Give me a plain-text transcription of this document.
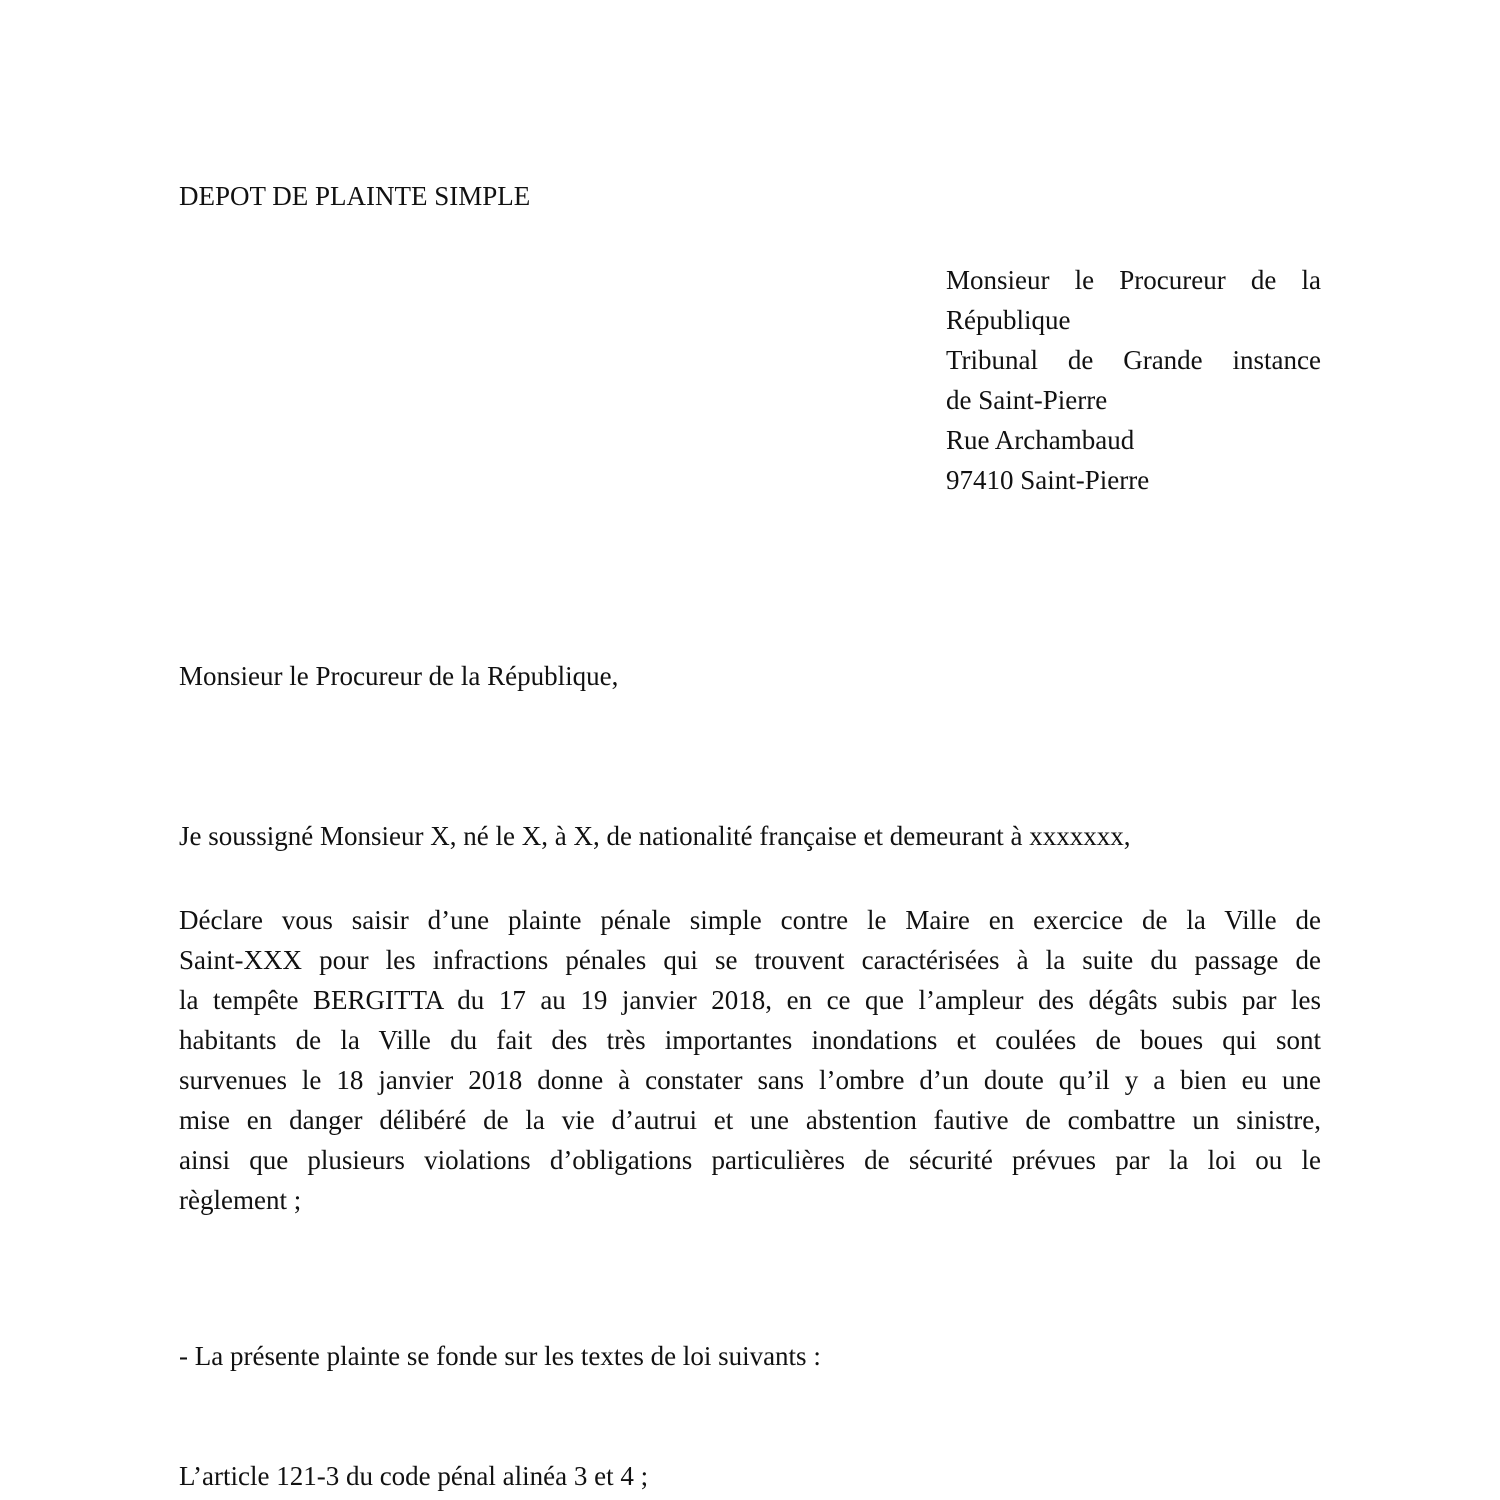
DEPOT DE PLAINTE SIMPLE
Monsieur le Procureur de la
République
Tribunal de Grande instance
de Saint-Pierre
Rue Archambaud
97410 Saint-Pierre
Monsieur le Procureur de la République,
Je soussigné Monsieur X, né le X, à X, de nationalité française et demeurant à xxxxxxx,
Déclare vous saisir d’une plainte pénale simple contre le Maire en exercice de la Ville de
Saint-XXX pour les infractions pénales qui se trouvent caractérisées à la suite du passage de
la tempête BERGITTA du 17 au 19 janvier 2018, en ce que l’ampleur des dégâts subis par les
habitants de la Ville du fait des très importantes inondations et coulées de boues qui sont
survenues le 18 janvier 2018 donne à constater sans l’ombre d’un doute qu’il y a bien eu une
mise en danger délibéré de la vie d’autrui et une abstention fautive de combattre un sinistre,
ainsi que plusieurs violations d’obligations particulières de sécurité prévues par la loi ou le
règlement ;
- La présente plainte se fonde sur les textes de loi suivants :
L’article 121-3 du code pénal alinéa 3 et 4 ;
